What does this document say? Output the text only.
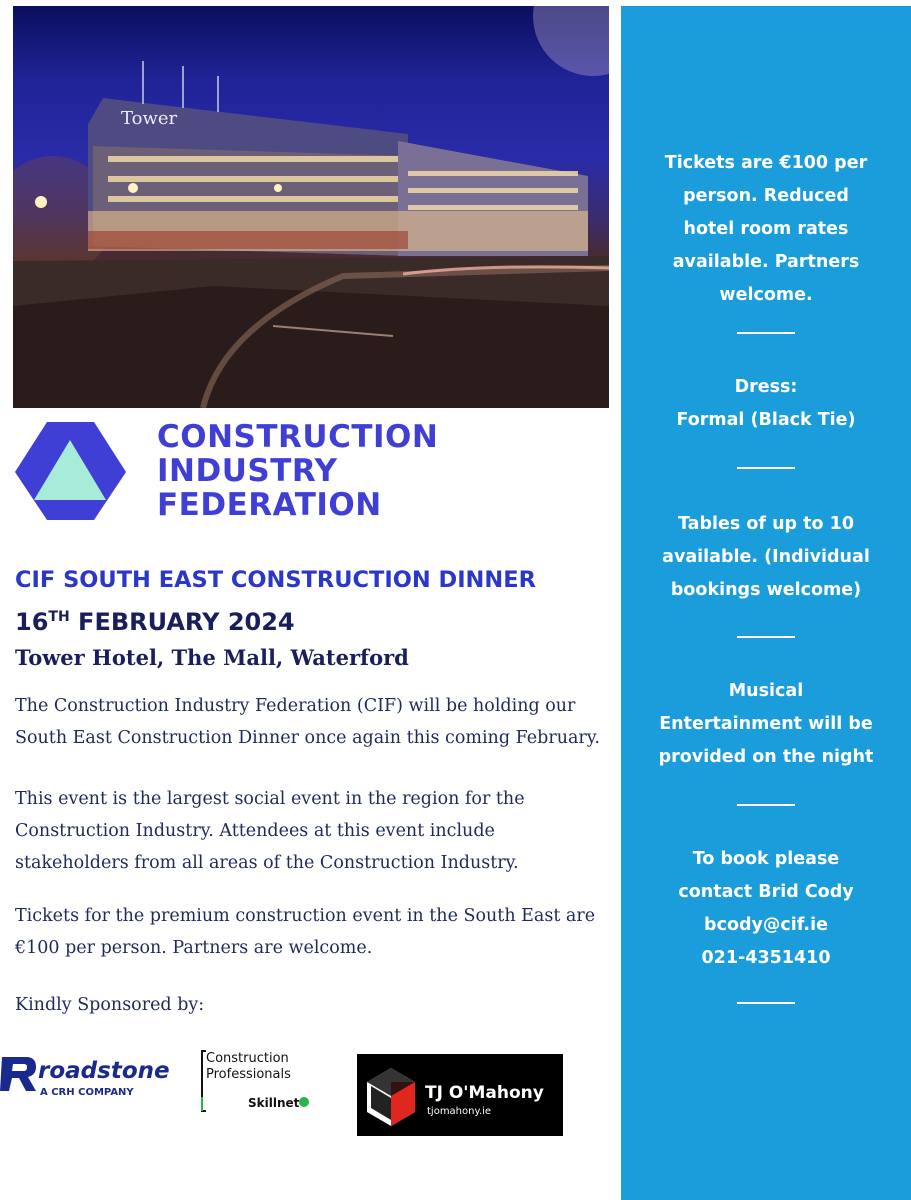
Tower
CONSTRUCTION
INDUSTRY
FEDERATION
CIF SOUTH EAST CONSTRUCTION DINNER
16TH FEBRUARY 2024
Tower Hotel, The Mall, Waterford
The Construction Industry Federation (CIF) will be holding our
South East Construction Dinner once again this coming February.
This event is the largest social event in the region for the
Construction Industry. Attendees at this event include
stakeholders from all areas of the Construction Industry.
Tickets for the premium construction event in the South East are
€100 per person. Partners are welcome.
Kindly Sponsored by:
roadstone
A CRH COMPANY
Construction
Professionals
Skillnet	TJ O'Mahony
tjomahony.ie
Tickets are €100 per
person. Reduced
hotel room rates
available. Partners
welcome.
Dress:
Formal (Black Tie)
Tables of up to 10
available. (Individual
bookings welcome)
Musical
Entertainment will be
provided on the night
To book please
contact Brid Cody
bcody@cif.ie
021-4351410
